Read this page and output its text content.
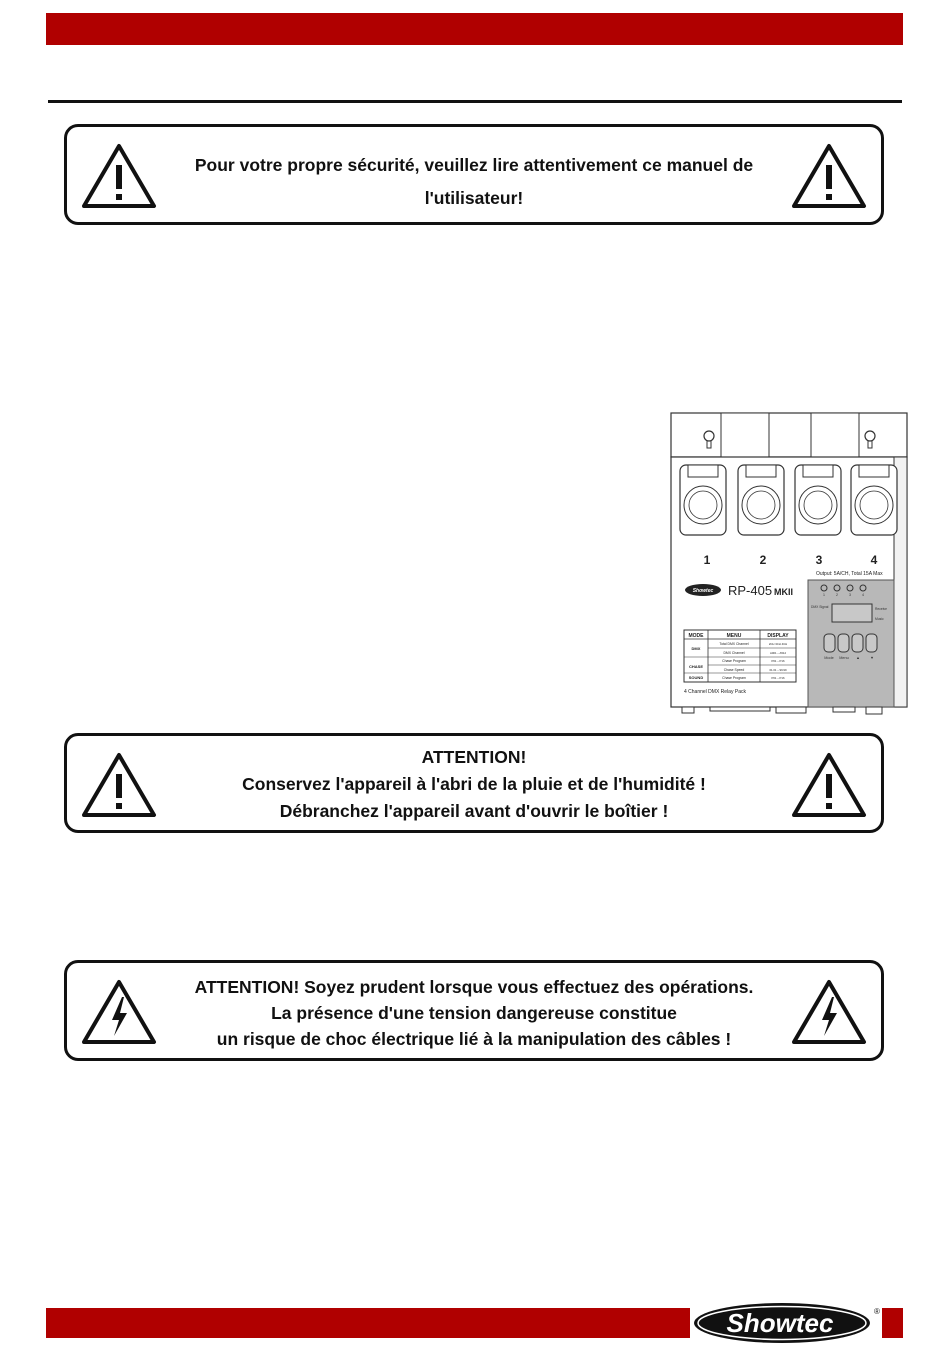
Pour votre propre sécurité, veuillez lire attentivement ce manuel de
l'utilisateur!
1	2	3	4
Output: 5A/CH, Total 15A Max
Showtec RP-405 MKII	1	2	3	4
DMX Signal	Receive
Music
Mode Menu ▲	▼
MODE	MENU	DISPLAY
DMX
Total DMX Channel	2CH 3CH 4CH
DMX Channel	A001 – A512
CHASE
Chase Program	P01 – P16
Chase Speed	01.01 – 99.99
SOUND	Chase Program	P01 – P16
4 Channel DMX Relay Pack
ATTENTION!
Conservez l'appareil à l'abri de la pluie et de l'humidité !
Débranchez l'appareil avant d'ouvrir le boîtier !
ATTENTION! Soyez prudent lorsque vous effectuez des opérations.
La présence d'une tension dangereuse constitue
un risque de choc électrique lié à la manipulation des câbles !
Showtec	®
